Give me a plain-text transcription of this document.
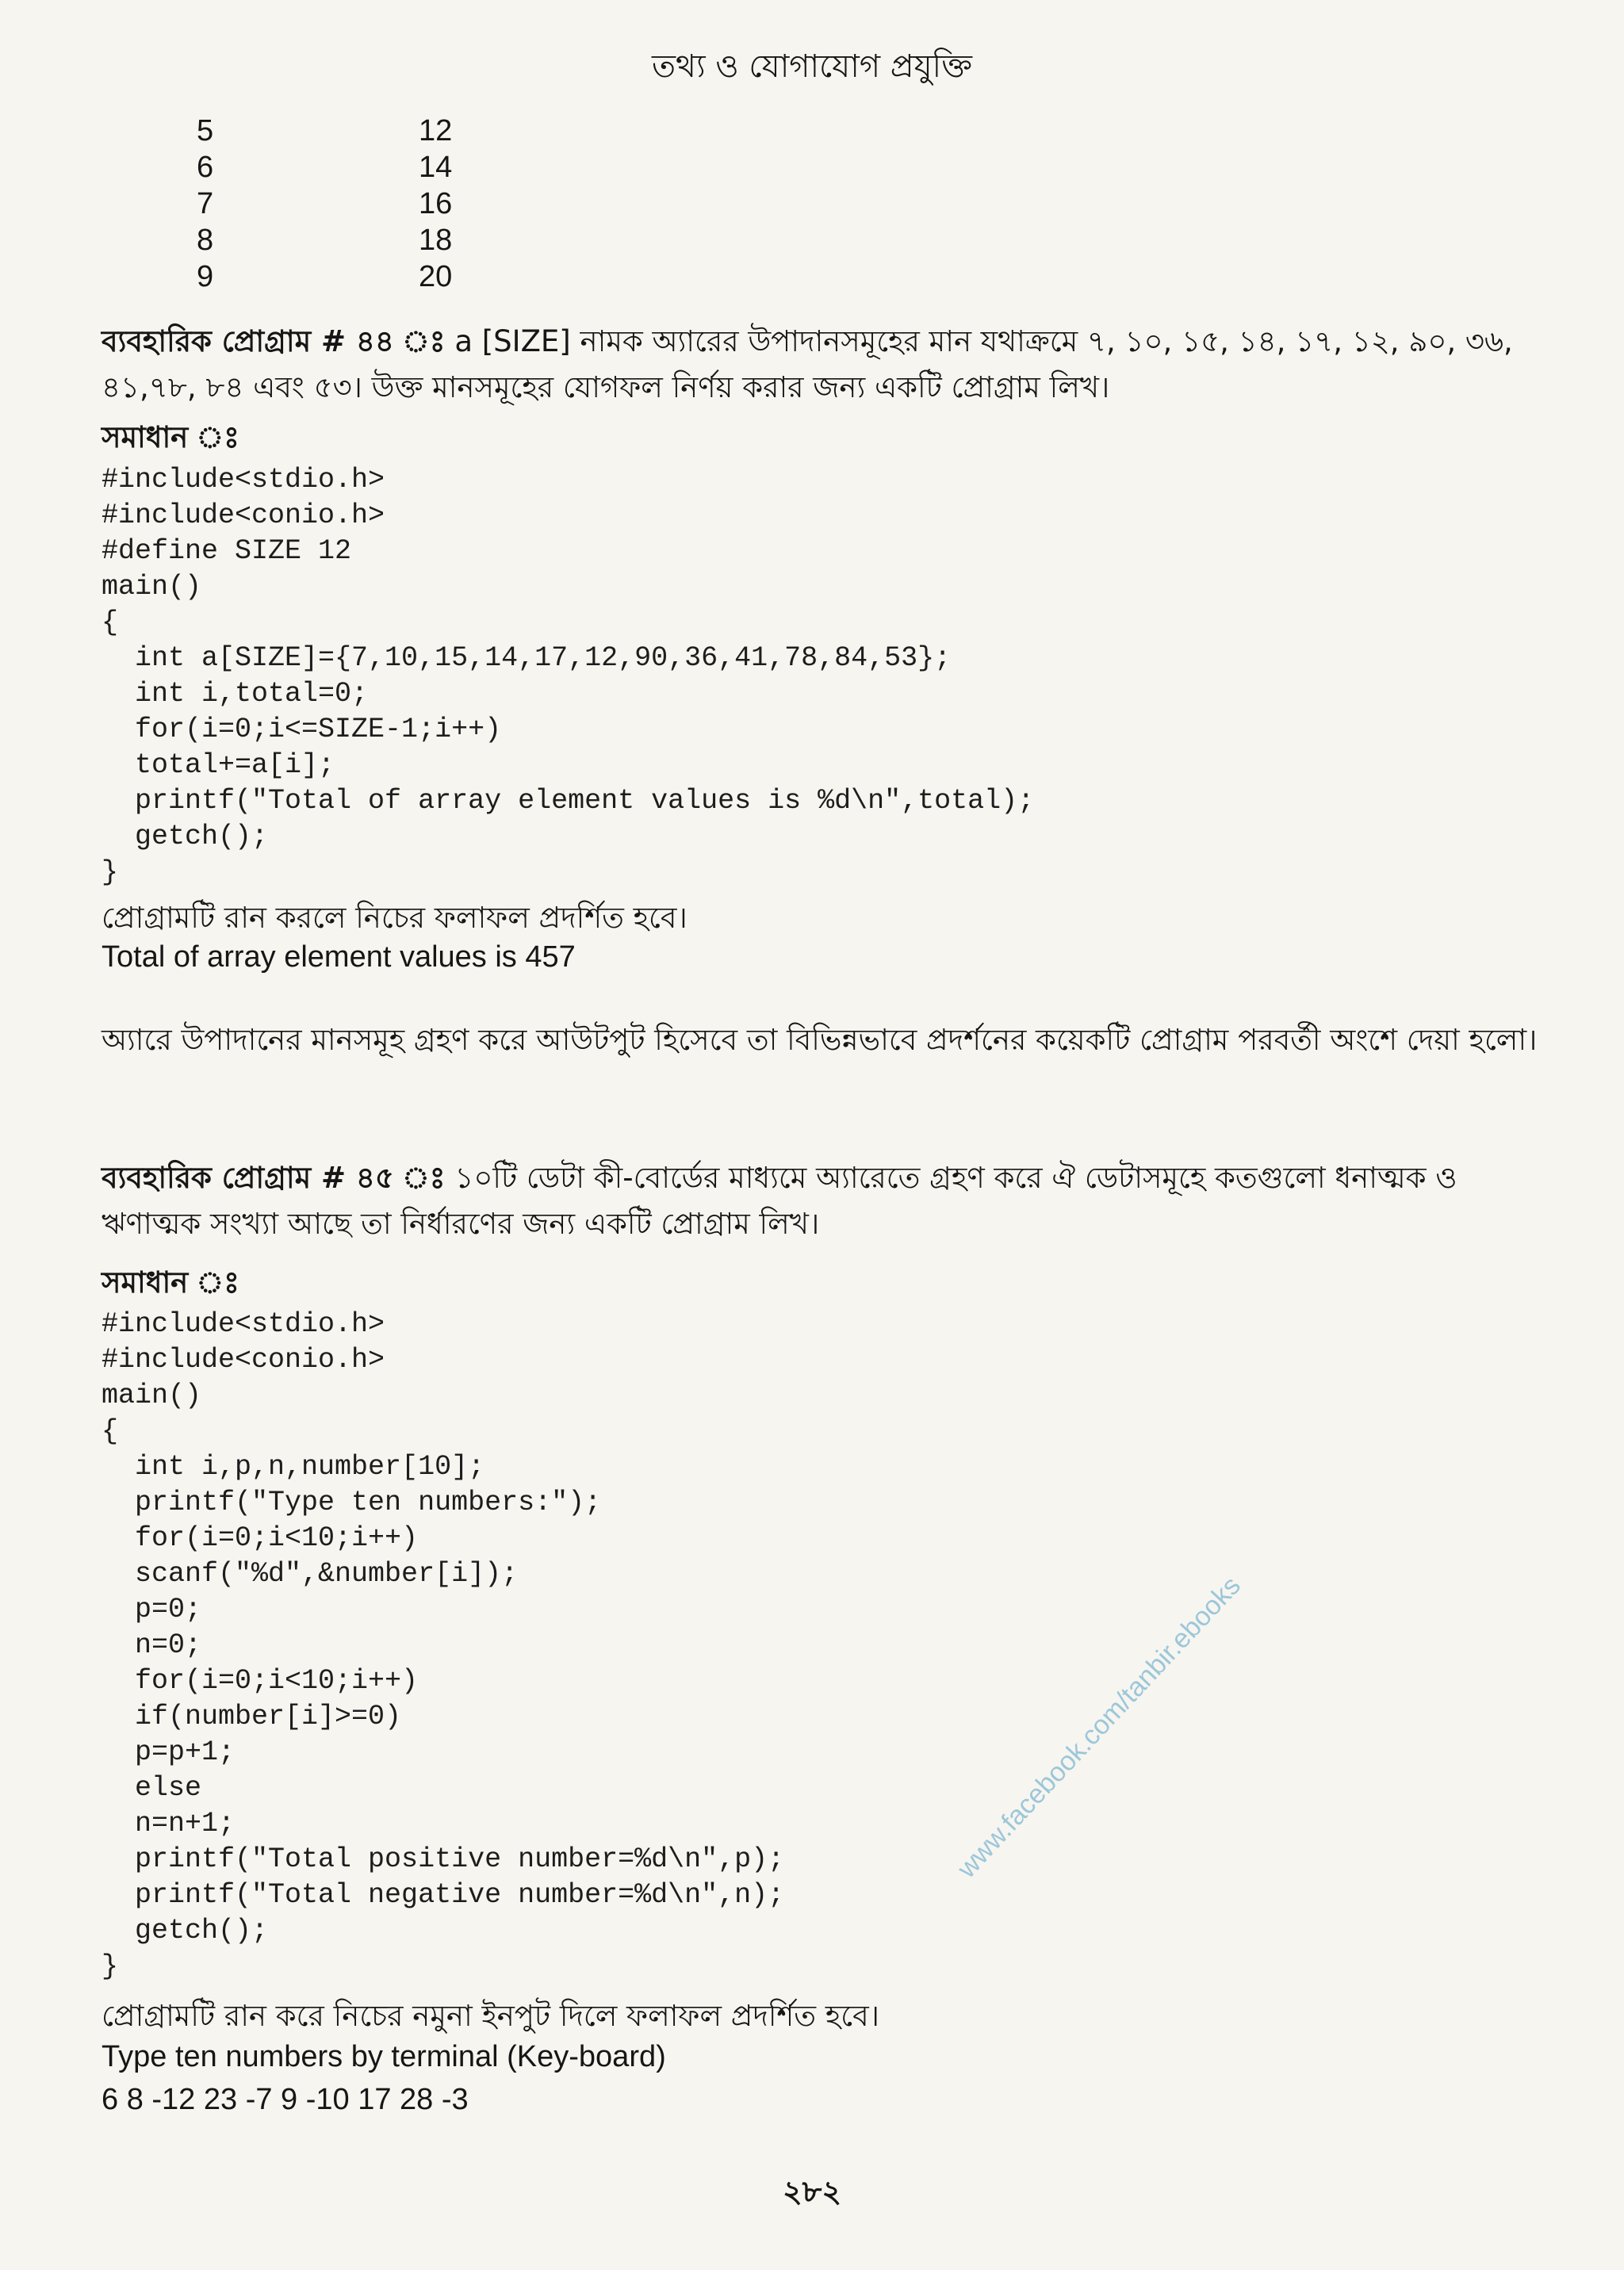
তথ্য ও যোগাযোগ প্রযুক্তি
5	12
6	14
7	16
8	18
9	20
ব্যবহারিক প্রোগ্রাম # ৪৪ ঃ a [SIZE] নামক অ্যারের উপাদানসমূহের মান যথাক্রমে ৭, ১০, ১৫, ১৪, ১৭, ১২, ৯০, ৩৬, ৪১,৭৮, ৮৪ এবং ৫৩। উক্ত মানসমূহের যোগফল নির্ণয় করার জন্য একটি প্রোগ্রাম লিখ।
সমাধান ঃ
#include<stdio.h>
#include<conio.h>
#define SIZE 12
main()
{
int a[SIZE]={7,10,15,14,17,12,90,36,41,78,84,53};
int i,total=0;
for(i=0;i<=SIZE-1;i++)
total+=a[i];
printf("Total of array element values is %d\n",total);
getch();
}
প্রোগ্রামটি রান করলে নিচের ফলাফল প্রদর্শিত হবে।
Total of array element values is 457
অ্যারে উপাদানের মানসমূহ গ্রহণ করে আউটপুট হিসেবে তা বিভিন্নভাবে প্রদর্শনের কয়েকটি প্রোগ্রাম পরবর্তী অংশে দেয়া হলো।
ব্যবহারিক প্রোগ্রাম # ৪৫ ঃ ১০টি ডেটা কী-বোর্ডের মাধ্যমে অ্যারেতে গ্রহণ করে ঐ ডেটাসমূহে কতগুলো ধনাত্মক ও ঋণাত্মক সংখ্যা আছে তা নির্ধারণের জন্য একটি প্রোগ্রাম লিখ।
সমাধান ঃ
#include<stdio.h>
#include<conio.h>
main()
{
int i,p,n,number[10];
printf("Type ten numbers:");
for(i=0;i<10;i++)
scanf("%d",&number[i]);
p=0;
n=0;
for(i=0;i<10;i++)
if(number[i]>=0)
p=p+1;
else
n=n+1;
printf("Total positive number=%d\n",p);
printf("Total negative number=%d\n",n);
getch();
}
প্রোগ্রামটি রান করে নিচের নমুনা ইনপুট দিলে ফলাফল প্রদর্শিত হবে।
Type ten numbers by terminal (Key-board)
6 8 -12 23 -7 9 -10 17 28 -3
www.facebook.com/tanbir.ebooks
২৮২
